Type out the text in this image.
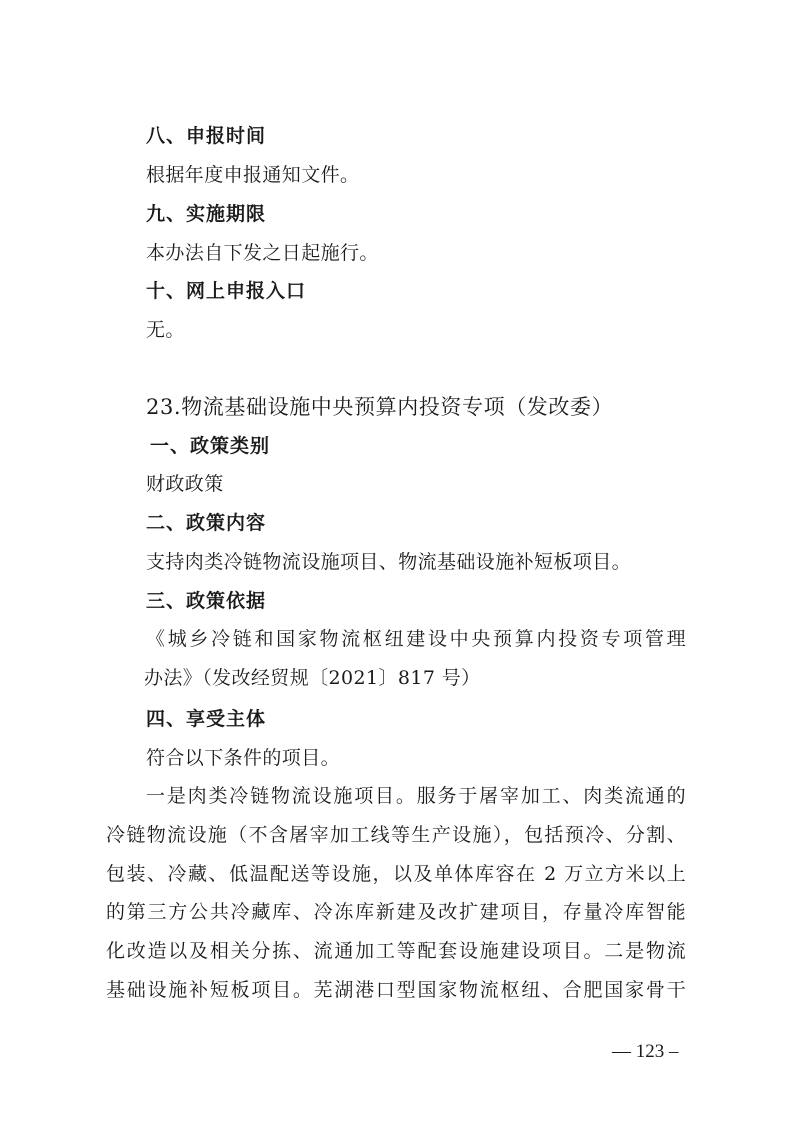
八、申报时间
根据年度申报通知文件。
九、实施期限
本办法自下发之日起施行。
十、网上申报入口
无。
23.物流基础设施中央预算内投资专项（发改委）
一、政策类别
财政政策
二、政策内容
支持肉类冷链物流设施项目、物流基础设施补短板项目。
三、政策依据
《城乡冷链和国家物流枢纽建设中央预算内投资专项管理
办法》（发改经贸规〔2021〕817 号）
四、享受主体
符合以下条件的项目。
一是肉类冷链物流设施项目。服务于屠宰加工、肉类流通的
冷链物流设施（不含屠宰加工线等生产设施），包括预冷、分割、
包装、冷藏、低温配送等设施，以及单体库容在 2 万立方米以上
的第三方公共冷藏库、冷冻库新建及改扩建项目，存量冷库智能
化改造以及相关分拣、流通加工等配套设施建设项目。二是物流
基础设施补短板项目。芜湖港口型国家物流枢纽、合肥国家骨干
— 123 –
